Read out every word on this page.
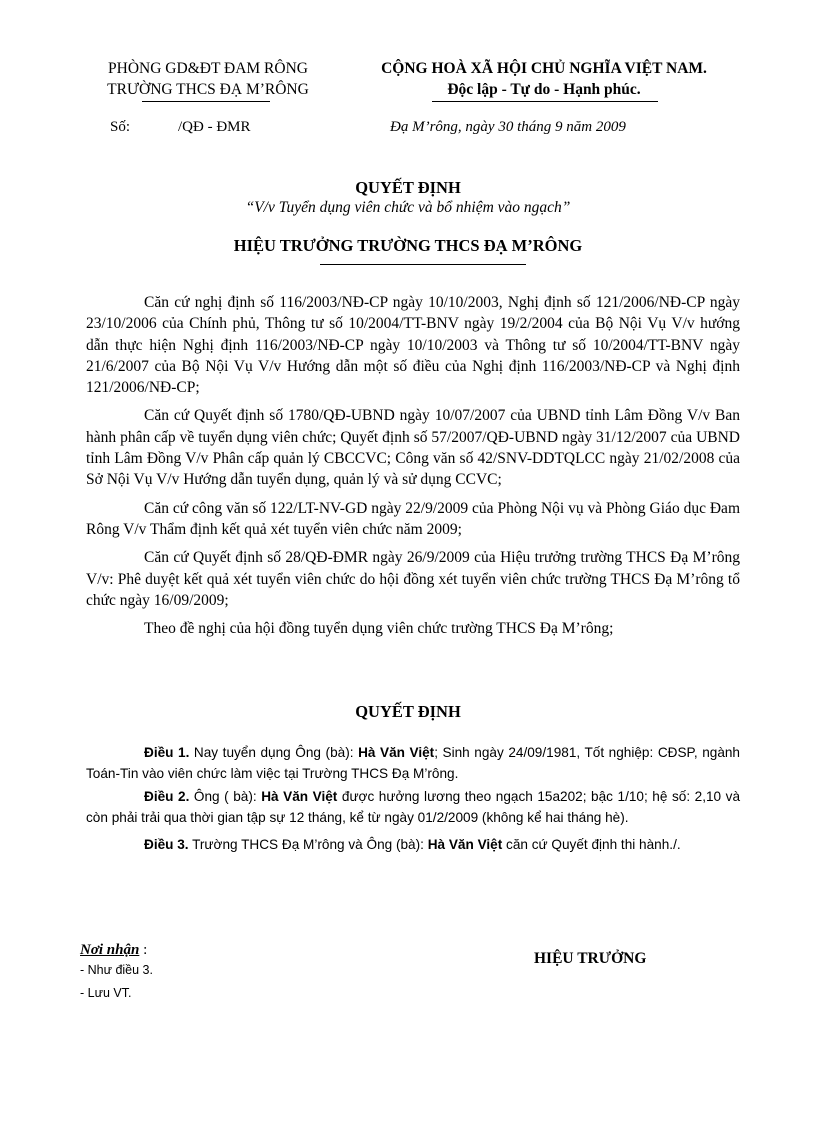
PHÒNG GD&ĐT ĐAM RÔNG
TRƯỜNG THCS ĐẠ M’RÔNG
CỘNG HOÀ XÃ HỘI CHỦ NGHĨA VIỆT NAM.
Độc lập - Tự do - Hạnh phúc.
Số:	/QĐ - ĐMR	Đạ M’rông, ngày 30 tháng 9 năm 2009
QUYẾT ĐỊNH
“V/v Tuyển dụng viên chức và bổ nhiệm vào ngạch”
HIỆU TRƯỞNG TRƯỜNG THCS ĐẠ M’RÔNG

Căn cứ nghị định số 116/2003/NĐ-CP ngày 10/10/2003, Nghị định số 121/2006/NĐ-CP ngày 23/10/2006 của Chính phủ, Thông tư số 10/2004/TT-BNV ngày 19/2/2004 của Bộ Nội Vụ V/v hướng dẫn thực hiện Nghị định 116/2003/NĐ-CP ngày 10/10/2003 và Thông tư số 10/2004/TT-BNV ngày 21/6/2007 của Bộ Nội Vụ V/v Hướng dẫn một số điều của Nghị định 116/2003/NĐ-CP và Nghị định 121/2006/NĐ-CP;

Căn cứ Quyết định số 1780/QĐ-UBND ngày 10/07/2007 của UBND tỉnh Lâm Đồng V/v Ban hành phân cấp về tuyển dụng viên chức; Quyết định số 57/2007/QĐ-UBND ngày 31/12/2007 của UBND tỉnh Lâm Đồng V/v Phân cấp quản lý CBCCVC; Công văn số 42/SNV-DDTQLCC ngày 21/02/2008 của Sở Nội Vụ V/v Hướng dẫn tuyển dụng, quản lý và sử dụng CCVC;

Căn cứ công văn số 122/LT-NV-GD ngày 22/9/2009 của Phòng Nội vụ và Phòng Giáo dục Đam Rông V/v Thẩm định kết quả xét tuyển viên chức năm 2009;

Căn cứ Quyết định số 28/QĐ-ĐMR ngày 26/9/2009 của Hiệu trưởng trường THCS Đạ M’rông V/v: Phê duyệt kết quả xét tuyển viên chức do hội đồng xét tuyển viên chức trường THCS Đạ M’rông tổ chức ngày 16/09/2009;

Theo đề nghị của hội đồng tuyển dụng viên chức trường THCS Đạ M’rông;

QUYẾT ĐỊNH

Điều 1. Nay tuyển dụng Ông (bà): Hà Văn Việt; Sinh ngày 24/09/1981, Tốt nghiệp: CĐSP, ngành Toán-Tin vào viên chức làm việc tại Trường THCS Đạ M’rông.

Điều 2. Ông ( bà): Hà Văn Việt được hưởng lương theo ngạch 15a202; bậc 1/10; hệ số: 2,10 và còn phải trải qua thời gian tập sự 12 tháng, kể từ ngày 01/2/2009 (không kể hai tháng hè).

Điều 3. Trường THCS Đạ M’rông và Ông (bà): Hà Văn Việt căn cứ Quyết định thi hành./.

Nơi nhận :
- Như điều 3.
- Lưu VT.
HIỆU TRƯỞNG
